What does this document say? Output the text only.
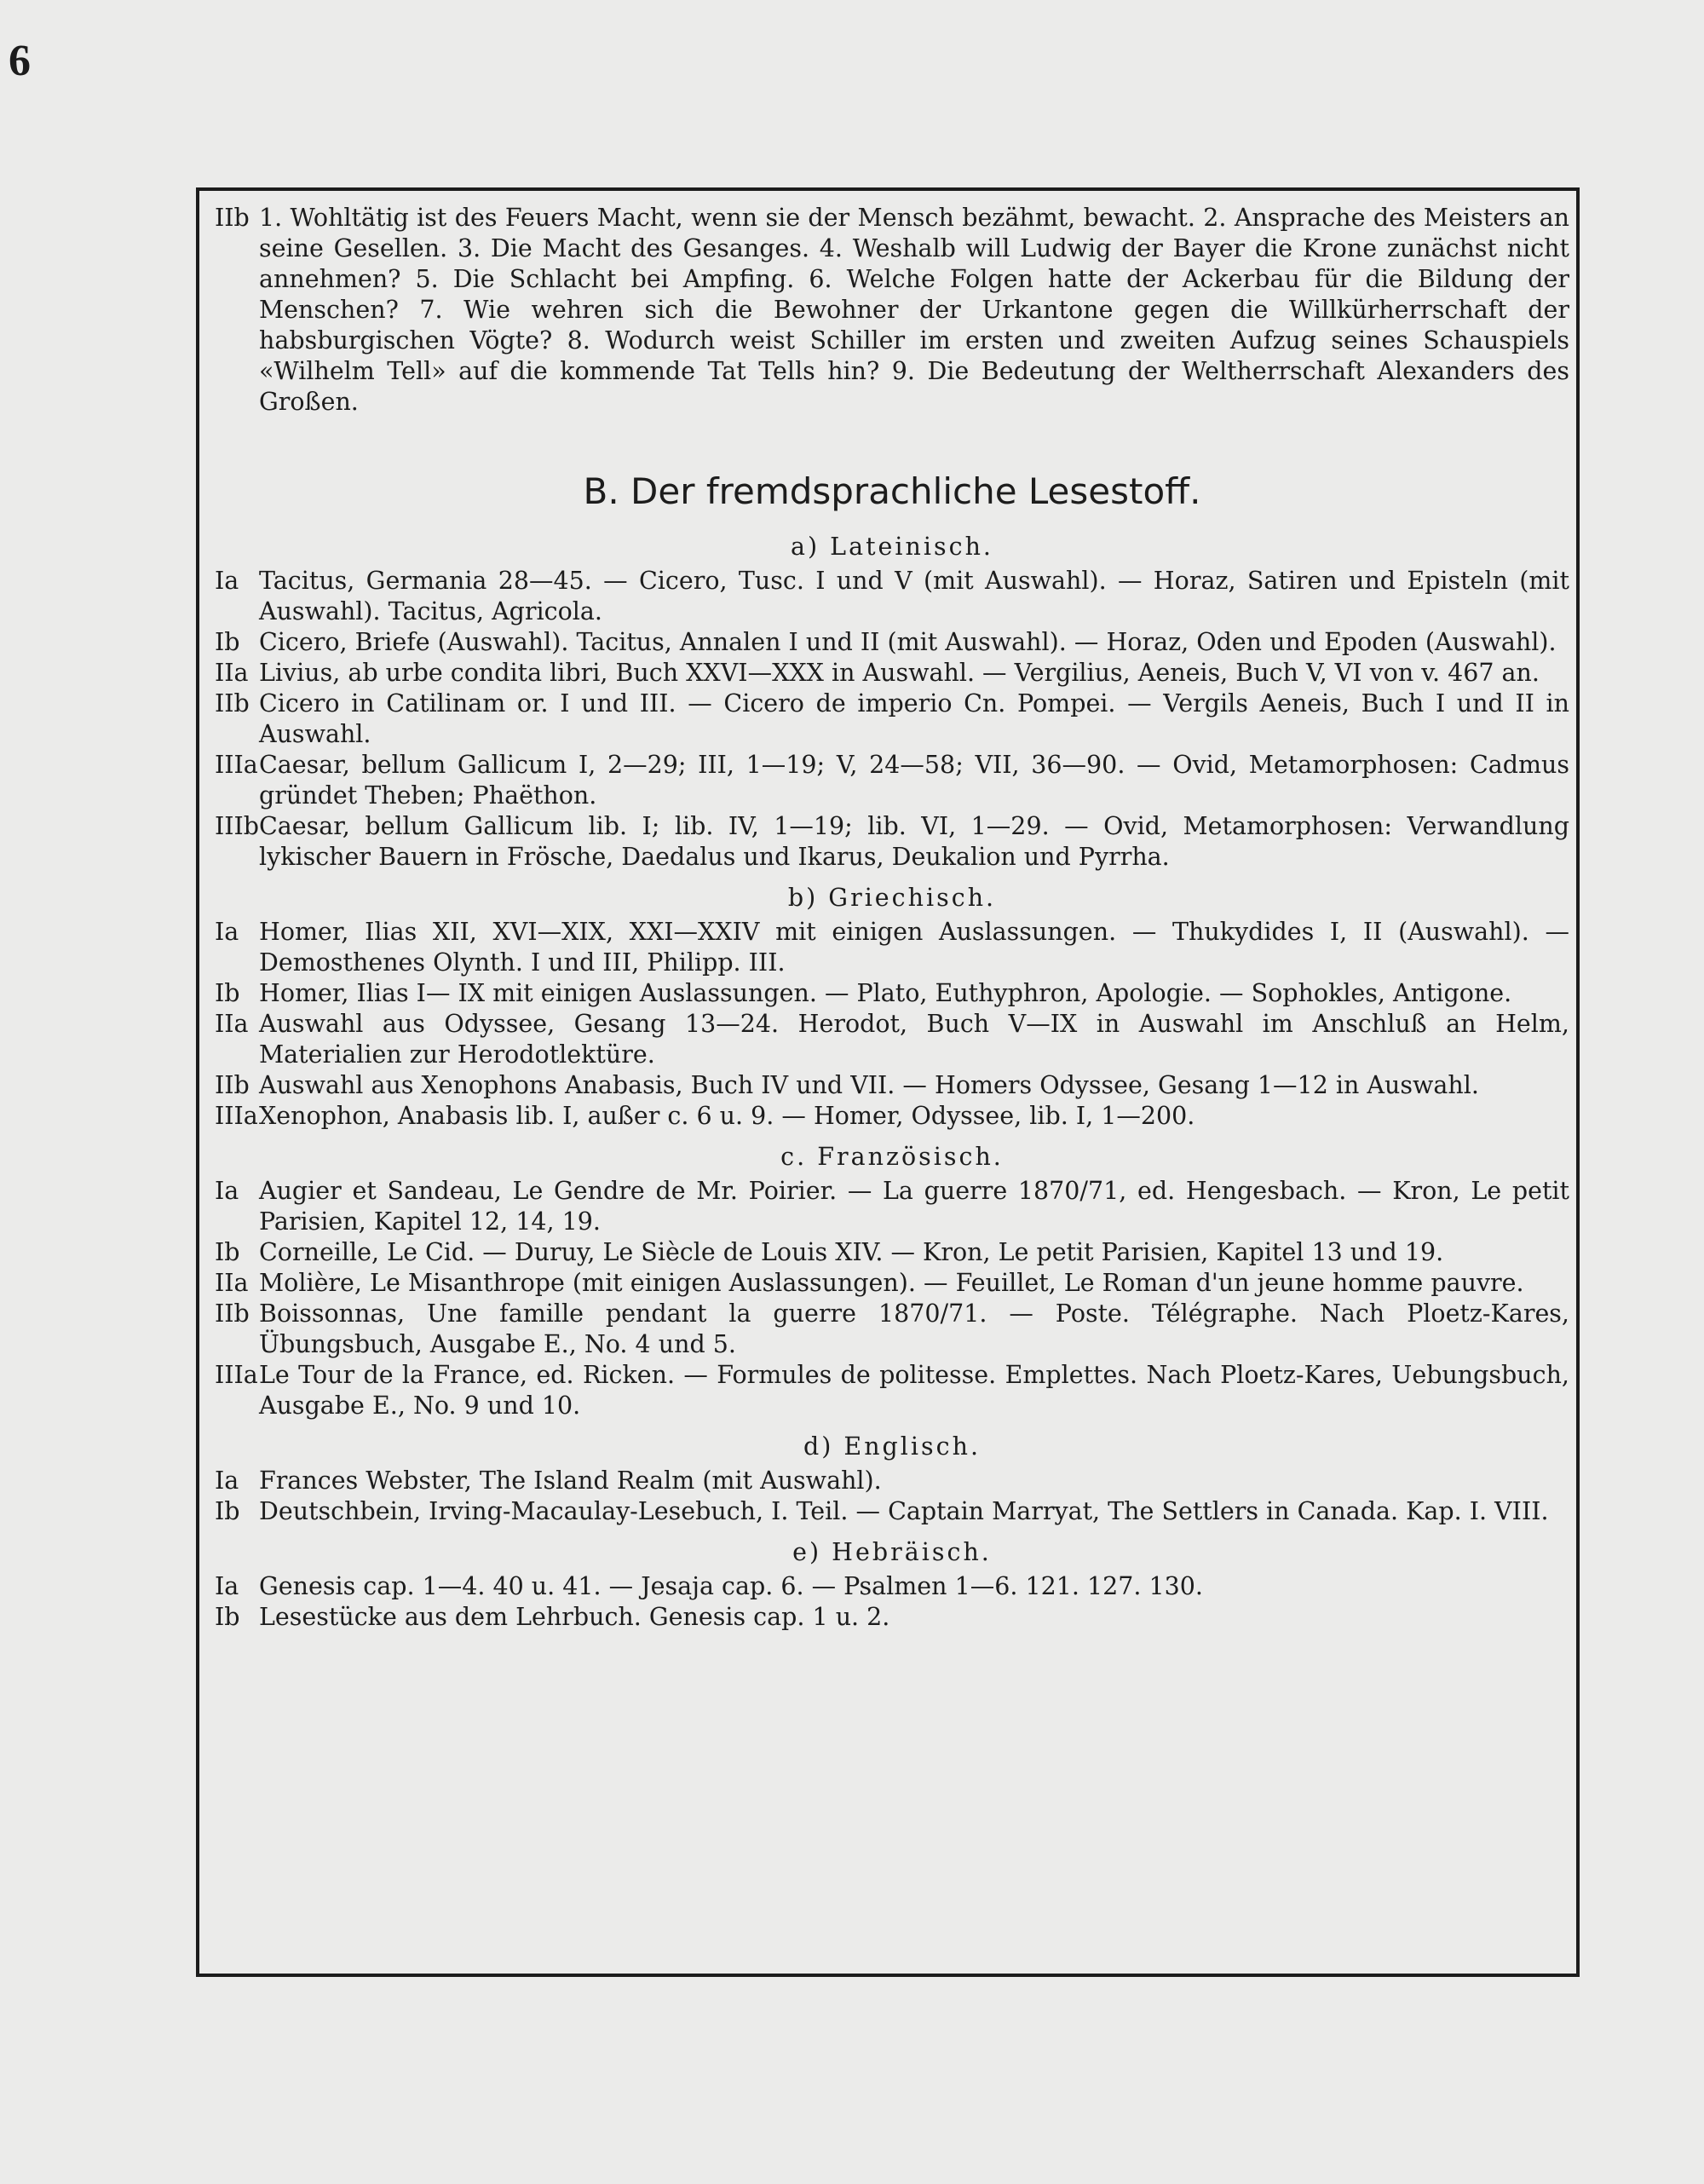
6
IIb 1. Wohltätig ist des Feuers Macht, wenn sie der Mensch bezähmt, bewacht. 2. Ansprache des Meisters an seine Gesellen. 3. Die Macht des Gesanges. 4. Weshalb will Ludwig der Bayer die Krone zunächst nicht annehmen? 5. Die Schlacht bei Ampfing. 6. Welche Folgen hatte der Ackerbau für die Bildung der Menschen? 7. Wie wehren sich die Bewohner der Urkantone gegen die Willkürherrschaft der habsburgischen Vögte? 8. Wodurch weist Schiller im ersten und zweiten Aufzug seines Schauspiels «Wilhelm Tell» auf die kommende Tat Tells hin? 9. Die Bedeutung der Weltherrschaft Alexanders des Großen.
B. Der fremdsprachliche Lesestoff.
a) Lateinisch.
Ia Tacitus, Germania 28—45. — Cicero, Tusc. I und V (mit Auswahl). — Horaz, Satiren und Episteln (mit Auswahl). Tacitus, Agricola.
Ib Cicero, Briefe (Auswahl). Tacitus, Annalen I und II (mit Auswahl). — Horaz, Oden und Epoden (Auswahl).
IIa Livius, ab urbe condita libri, Buch XXVI—XXX in Auswahl. — Vergilius, Aeneis, Buch V, VI von v. 467 an.
IIb Cicero in Catilinam or. I und III. — Cicero de imperio Cn. Pompei. — Vergils Aeneis, Buch I und II in Auswahl.
IIIa Caesar, bellum Gallicum I, 2—29; III, 1—19; V, 24—58; VII, 36—90. — Ovid, Metamorphosen: Cadmus gründet Theben; Phaëthon.
IIIb Caesar, bellum Gallicum lib. I; lib. IV, 1—19; lib. VI, 1—29. — Ovid, Metamorphosen: Verwandlung lykischer Bauern in Frösche, Daedalus und Ikarus, Deukalion und Pyrrha.
b) Griechisch.
Ia Homer, Ilias XII, XVI—XIX, XXI—XXIV mit einigen Auslassungen. — Thukydides I, II (Auswahl). — Demosthenes Olynth. I und III, Philipp. III.
Ib Homer, Ilias I— IX mit einigen Auslassungen. — Plato, Euthyphron, Apologie. — Sophokles, Antigone.
IIa Auswahl aus Odyssee, Gesang 13—24. Herodot, Buch V—IX in Auswahl im Anschluß an Helm, Materialien zur Herodotlektüre.
IIb Auswahl aus Xenophons Anabasis, Buch IV und VII. — Homers Odyssee, Gesang 1—12 in Auswahl.
IIIa Xenophon, Anabasis lib. I, außer c. 6 u. 9. — Homer, Odyssee, lib. I, 1—200.
c. Französisch.
Ia Augier et Sandeau, Le Gendre de Mr. Poirier. — La guerre 1870/71, ed. Hengesbach. — Kron, Le petit Parisien, Kapitel 12, 14, 19.
Ib Corneille, Le Cid. — Duruy, Le Siècle de Louis XIV. — Kron, Le petit Parisien, Kapitel 13 und 19.
IIa Molière, Le Misanthrope (mit einigen Auslassungen). — Feuillet, Le Roman d'un jeune homme pauvre.
IIb Boissonnas, Une famille pendant la guerre 1870/71. — Poste. Télégraphe. Nach Ploetz-Kares, Übungsbuch, Ausgabe E., No. 4 und 5.
IIIa Le Tour de la France, ed. Ricken. — Formules de politesse. Emplettes. Nach Ploetz-Kares, Uebungsbuch, Ausgabe E., No. 9 und 10.
d) Englisch.
Ia Frances Webster, The Island Realm (mit Auswahl).
Ib Deutschbein, Irving-Macaulay-Lesebuch, I. Teil. — Captain Marryat, The Settlers in Canada. Kap. I. VIII.
e) Hebräisch.
Ia Genesis cap. 1—4. 40 u. 41. — Jesaja cap. 6. — Psalmen 1—6. 121. 127. 130.
Ib Lesestücke aus dem Lehrbuch. Genesis cap. 1 u. 2.
